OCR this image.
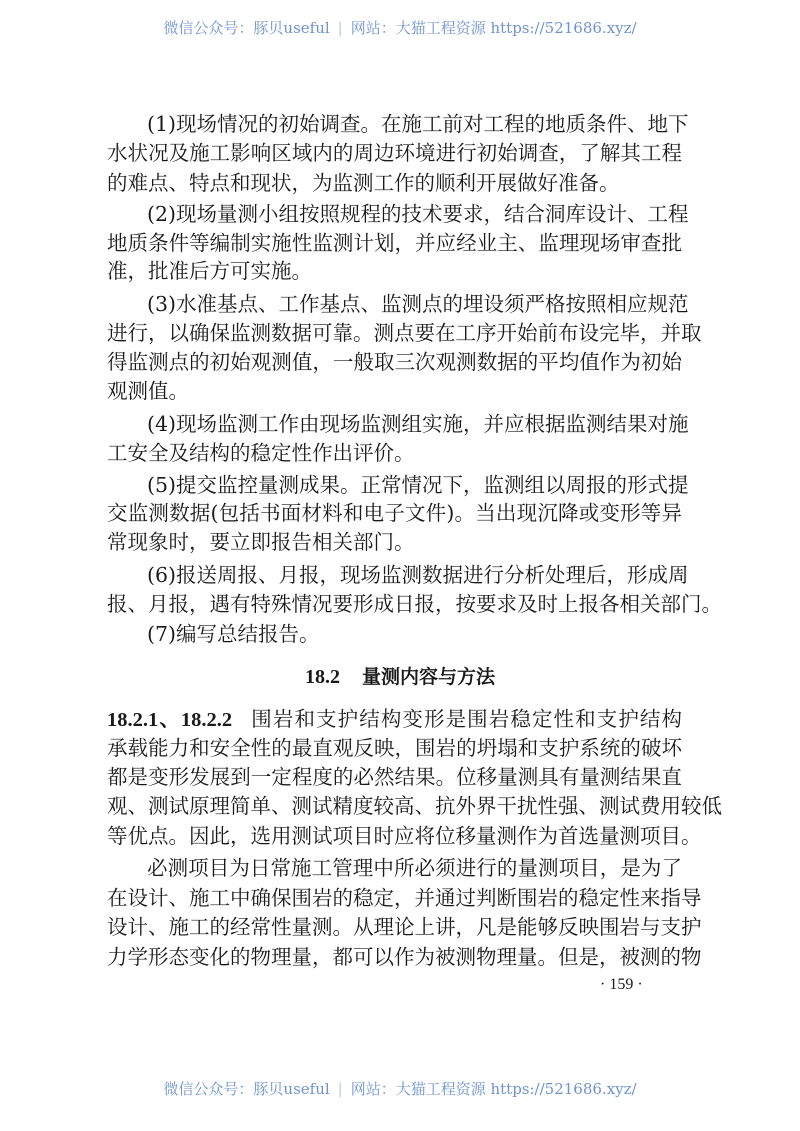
微信公众号：豚贝useful | 网站：大猫工程资源 https://521686.xyz/
(1)现场情况的初始调查。在施工前对工程的地质条件、地下
水状况及施工影响区域内的周边环境进行初始调查，了解其工程
的难点、特点和现状，为监测工作的顺利开展做好准备。
(2)现场量测小组按照规程的技术要求，结合洞库设计、工程
地质条件等编制实施性监测计划，并应经业主、监理现场审查批
准，批准后方可实施。
(3)水准基点、工作基点、监测点的埋设须严格按照相应规范
进行，以确保监测数据可靠。测点要在工序开始前布设完毕，并取
得监测点的初始观测值，一般取三次观测数据的平均值作为初始
观测值。
(4)现场监测工作由现场监测组实施，并应根据监测结果对施
工安全及结构的稳定性作出评价。
(5)提交监控量测成果。正常情况下，监测组以周报的形式提
交监测数据(包括书面材料和电子文件)。当出现沉降或变形等异
常现象时，要立即报告相关部门。
(6)报送周报、月报，现场监测数据进行分析处理后，形成周
报、月报，遇有特殊情况要形成日报，按要求及时上报各相关部门。
(7)编写总结报告。
18.2.1、18.2.2 围岩和支护结构变形是围岩稳定性和支护结构
承载能力和安全性的最直观反映，围岩的坍塌和支护系统的破坏
都是变形发展到一定程度的必然结果。位移量测具有量测结果直
观、测试原理简单、测试精度较高、抗外界干扰性强、测试费用较低
等优点。因此，选用测试项目时应将位移量测作为首选量测项目。
必测项目为日常施工管理中所必须进行的量测项目，是为了
在设计、施工中确保围岩的稳定，并通过判断围岩的稳定性来指导
设计、施工的经常性量测。从理论上讲，凡是能够反映围岩与支护
力学形态变化的物理量，都可以作为被测物理量。但是，被测的物
18.2 量测内容与方法
· 159 ·
微信公众号：豚贝useful | 网站：大猫工程资源 https://521686.xyz/
